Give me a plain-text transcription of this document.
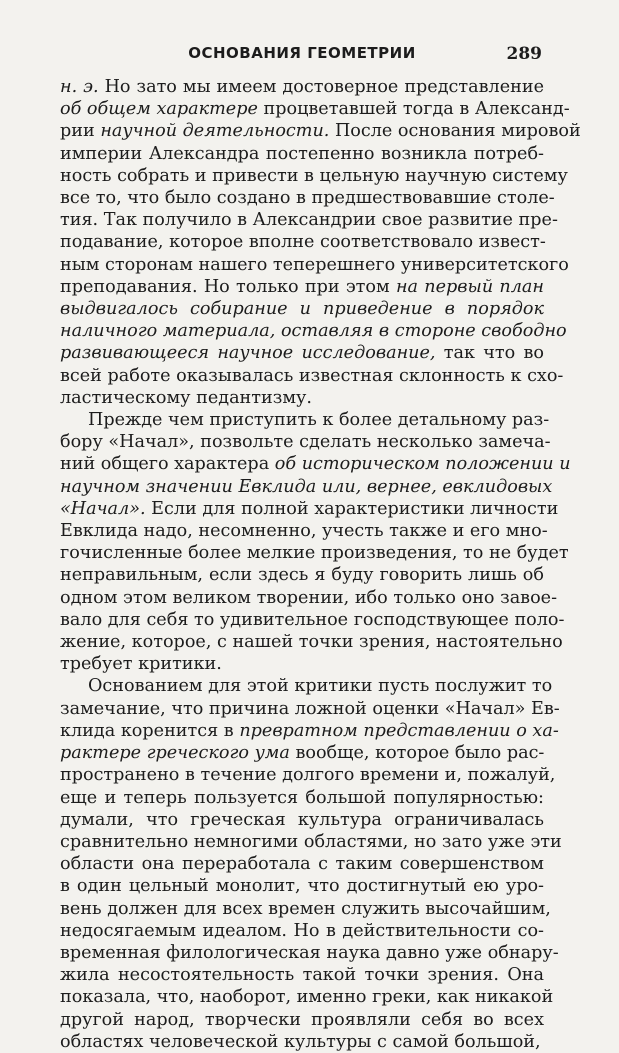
ОСНОВАНИЯ ГЕОМЕТРИИ	289
н. э. Но зато мы имеем достоверное представление
об общем характере процветавшей тогда в Александ-
рии научной деятельности. После основания мировой
империи Александра постепенно возникла потреб-
ность собрать и привести в цельную научную систему
все то, что было создано в предшествовавшие столе-
тия. Так получило в Александрии свое развитие пре-
подавание, которое вполне соответствовало извест-
ным сторонам нашего теперешнего университетского
преподавания. Но только при этом на первый план
выдвигалось собирание и приведение в порядок
наличного материала, оставляя в стороне свободно
развивающееся научное исследование, так что во
всей работе оказывалась известная склонность к схо-
ластическому педантизму.
Прежде чем приступить к более детальному раз-
бору «Начал», позвольте сделать несколько замеча-
ний общего характера об историческом положении и
научном значении Евклида или, вернее, евклидовых
«Начал». Если для полной характеристики личности
Евклида надо, несомненно, учесть также и его мно-
гочисленные более мелкие произведения, то не будет
неправильным, если здесь я буду говорить лишь об
одном этом великом творении, ибо только оно завое-
вало для себя то удивительное господствующее поло-
жение, которое, с нашей точки зрения, настоятельно
требует критики.
Основанием для этой критики пусть послужит то
замечание, что причина ложной оценки «Начал» Ев-
клида коренится в превратном представлении о ха-
рактере греческого ума вообще, которое было рас-
пространено в течение долгого времени и, пожалуй,
еще и теперь пользуется большой популярностью:
думали, что греческая культура ограничивалась
сравнительно немногими областями, но зато уже эти
области она переработала с таким совершенством
в один цельный монолит, что достигнутый ею уро-
вень должен для всех времен служить высочайшим,
недосягаемым идеалом. Но в действительности со-
временная филологическая наука давно уже обнару-
жила несостоятельность такой точки зрения. Она
показала, что, наоборот, именно греки, как никакой
другой народ, творчески проявляли себя во всех
областях человеческой культуры с самой большой,
